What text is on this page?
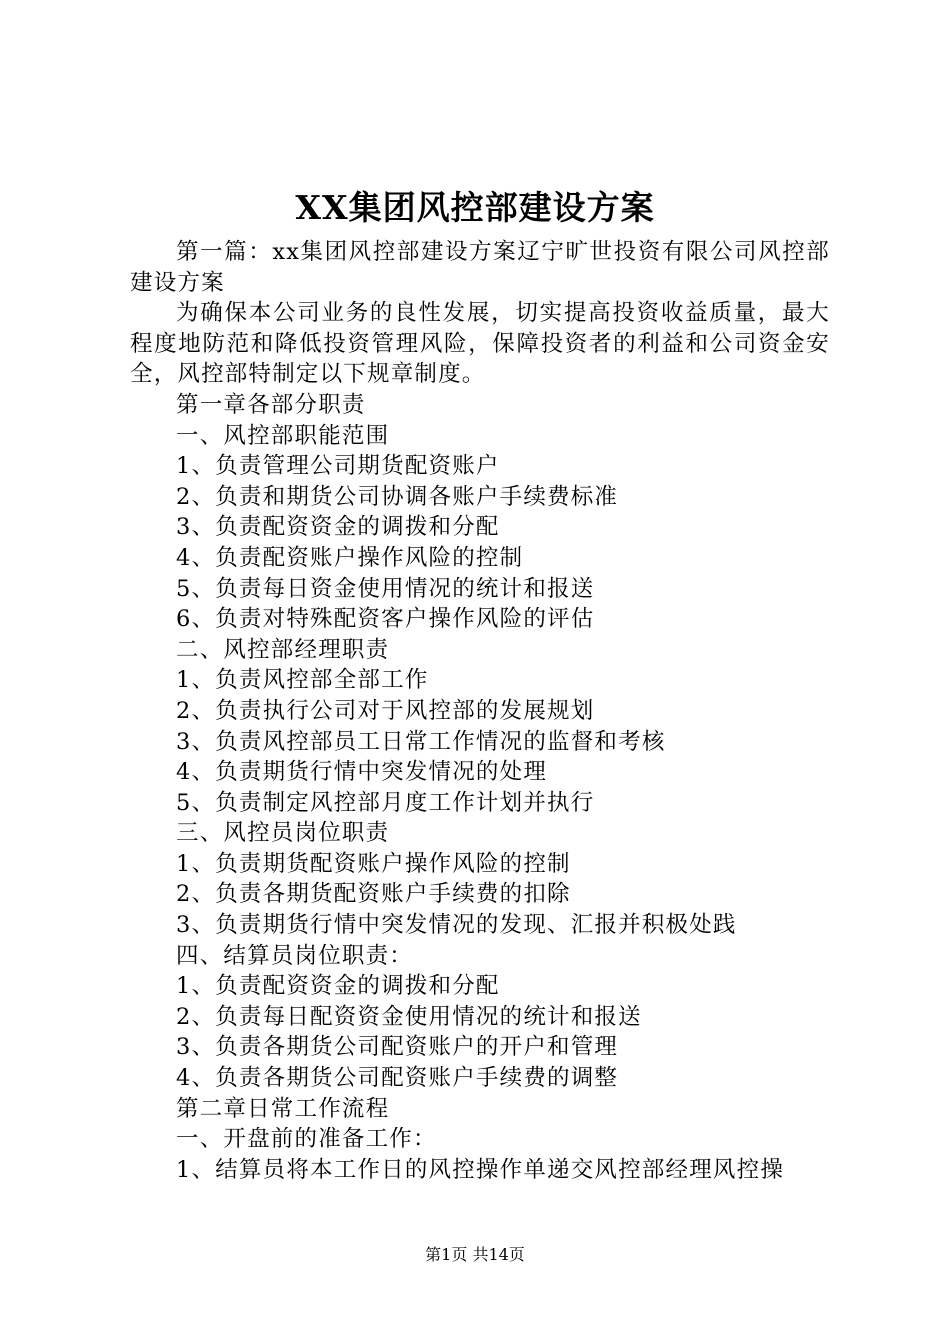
XX集团风控部建设方案

第一篇：xx集团风控部建设方案辽宁旷世投资有限公司风控部建设方案

为确保本公司业务的良性发展，切实提高投资收益质量，最大程度地防范和降低投资管理风险，保障投资者的利益和公司资金安全，风控部特制定以下规章制度。

第一章各部分职责

一、风控部职能范围

1、负责管理公司期货配资账户

2、负责和期货公司协调各账户手续费标准

3、负责配资资金的调拨和分配

4、负责配资账户操作风险的控制

5、负责每日资金使用情况的统计和报送

6、负责对特殊配资客户操作风险的评估

二、风控部经理职责

1、负责风控部全部工作

2、负责执行公司对于风控部的发展规划

3、负责风控部员工日常工作情况的监督和考核

4、负责期货行情中突发情况的处理

5、负责制定风控部月度工作计划并执行

三、风控员岗位职责

1、负责期货配资账户操作风险的控制

2、负责各期货配资账户手续费的扣除

3、负责期货行情中突发情况的发现、汇报并积极处践

四、结算员岗位职责：

1、负责配资资金的调拨和分配

2、负责每日配资资金使用情况的统计和报送

3、负责各期货公司配资账户的开户和管理

4、负责各期货公司配资账户手续费的调整

第二章日常工作流程

一、开盘前的准备工作：

1、结算员将本工作日的风控操作单递交风控部经理风控操

第1页 共14页
